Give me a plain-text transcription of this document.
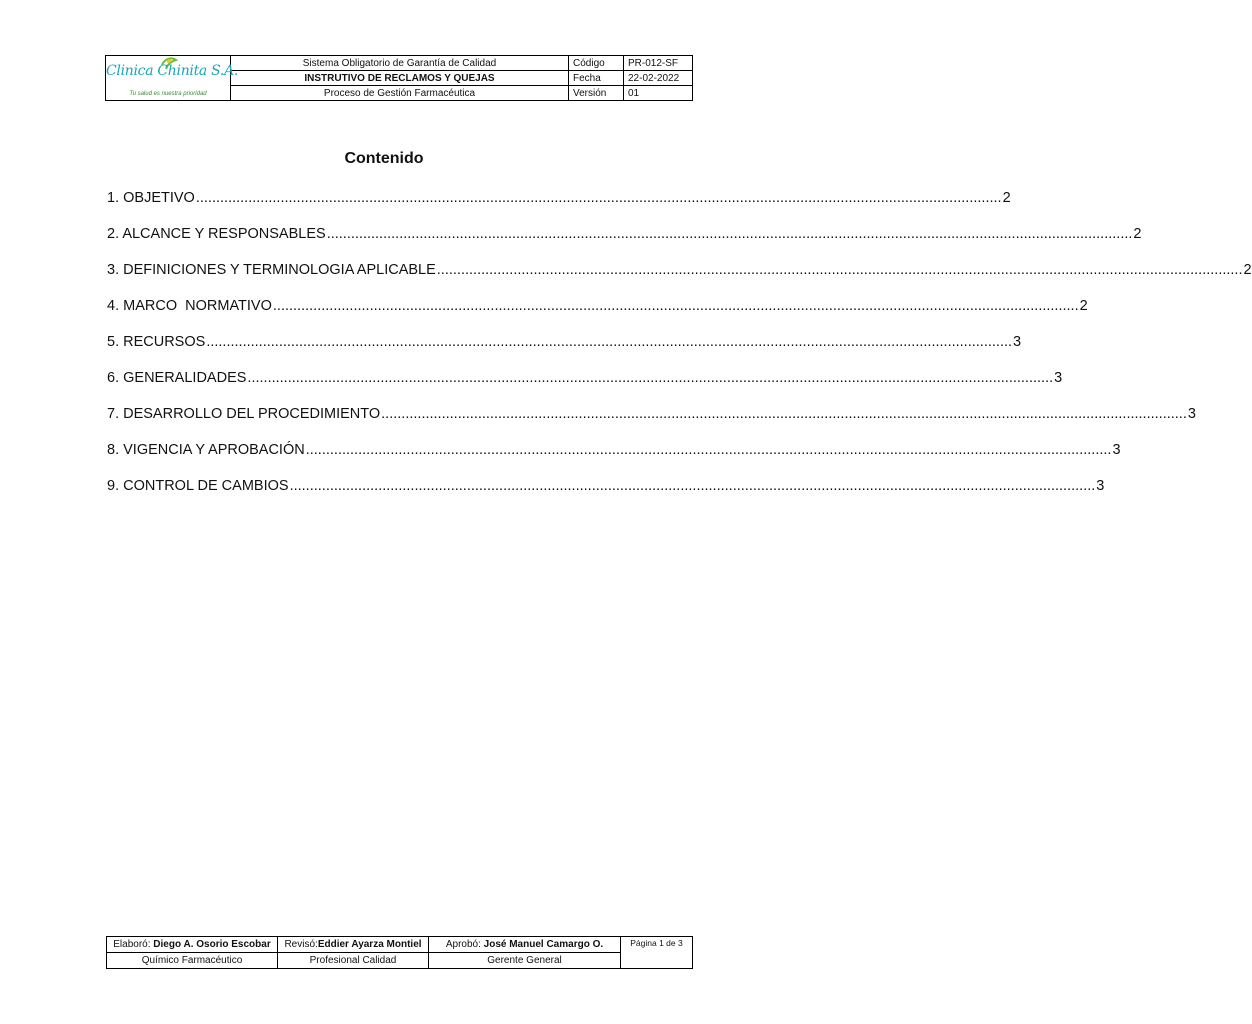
Clinica Chinita S.A.
Tu salud es nuestra prioridad	Sistema Obligatorio de Garantía de Calidad	Código	PR-012-SF
	INSTRUTIVO DE RECLAMOS Y QUEJAS	Fecha	22-02-2022
	Proceso de Gestión Farmacéutica	Versión	01
Contenido
1. OBJETIVO ........................................................................................................................................................................................................ 2
2. ALCANCE Y RESPONSABLES ........................................................................................................................................................................................................ 2
3. DEFINICIONES Y TERMINOLOGIA APLICABLE ........................................................................................................................................................................................................ 2
4. MARCO  NORMATIVO ........................................................................................................................................................................................................ 2
5. RECURSOS ........................................................................................................................................................................................................ 3
6. GENERALIDADES ........................................................................................................................................................................................................ 3
7. DESARROLLO DEL PROCEDIMIENTO ........................................................................................................................................................................................................ 3
8. VIGENCIA Y APROBACIÓN ........................................................................................................................................................................................................ 3
9. CONTROL DE CAMBIOS ........................................................................................................................................................................................................ 3
Elaboró: Diego A. Osorio Escobar	Revisó:Eddier Ayarza Montiel	Aprobó: José Manuel Camargo O.	Página 1 de 3
Químico Farmacéutico	Profesional Calidad	Gerente General	
